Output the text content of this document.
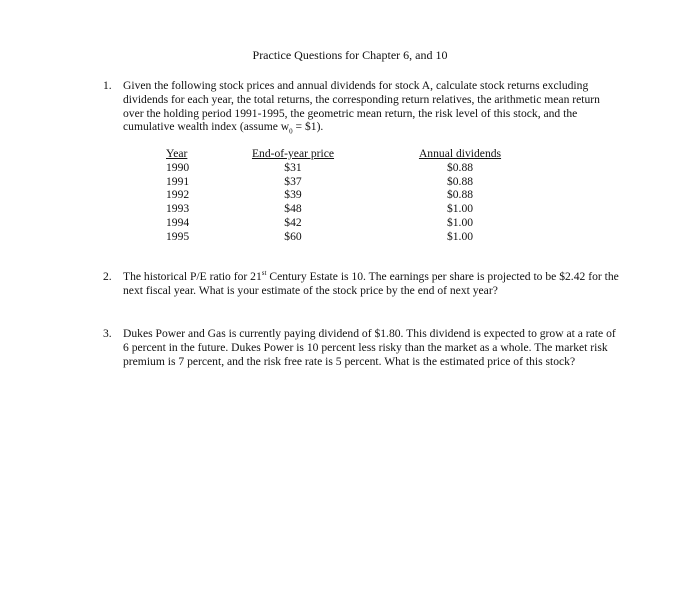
Practice Questions for Chapter 6, and 10
1. Given the following stock prices and annual dividends for stock A, calculate stock returns excluding dividends for each year, the total returns, the corresponding return relatives, the arithmetic mean return over the holding period 1991-1995, the geometric mean return, the risk level of this stock, and the cumulative wealth index (assume $w_0$ = $1).
Year
1990
1991
1992
1993
1994
1995
End-of-year price
$31
$37
$39
$48
$42
$60
Annual dividends
$0.88
$0.88
$0.88
$1.00
$1.00
$1.00
2. The historical P/E ratio for 21st Century Estate is 10. The earnings per share is projected to be $2.42 for the next fiscal year. What is your estimate of the stock price by the end of next year?
3. Dukes Power and Gas is currently paying dividend of $1.80. This dividend is expected to grow at a rate of 6 percent in the future. Dukes Power is 10 percent less risky than the market as a whole. The market risk premium is 7 percent, and the risk free rate is 5 percent. What is the estimated price of this stock?
